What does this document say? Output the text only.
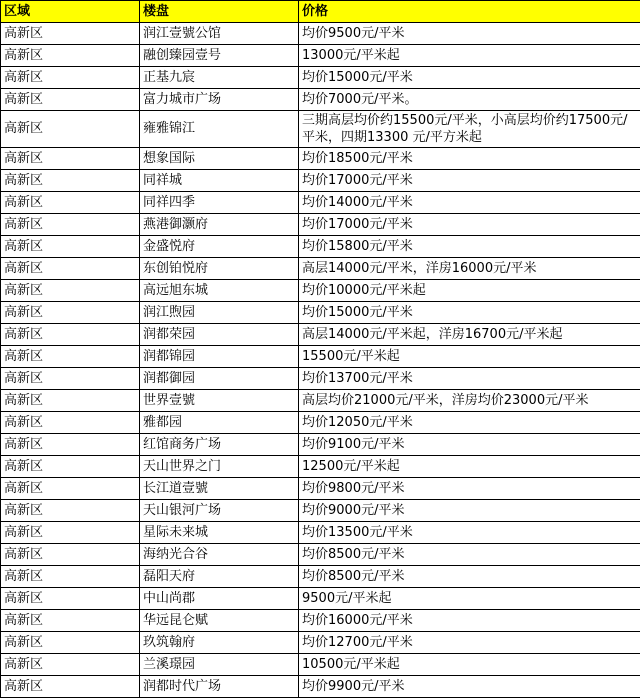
区域	楼盘	价格
高新区	润江壹號公馆	均价9500元/平米
高新区	融创臻园壹号	13000元/平米起
高新区	正基九宸	均价15000元/平米
高新区	富力城市广场	均价7000元/平米。
高新区	雍雅锦江	三期高层均价约15500元/平米，小高层均价约17500元/平米，四期13300 元/平方米起
高新区	想象国际	均价18500元/平米
高新区	同祥城	均价17000元/平米
高新区	同祥四季	均价14000元/平米
高新区	燕港御灏府	均价17000元/平米
高新区	金盛悦府	均价15800元/平米
高新区	东创铂悦府	高层14000元/平米，洋房16000元/平米
高新区	高远旭东城	均价10000元/平米起
高新区	润江煦园	均价15000元/平米
高新区	润都荣园	高层14000元/平米起，洋房16700元/平米起
高新区	润都锦园	15500元/平米起
高新区	润都御园	均价13700元/平米
高新区	世界壹號	高层均价21000元/平米，洋房均价23000元/平米
高新区	雅都园	均价12050元/平米
高新区	红馆商务广场	均价9100元/平米
高新区	天山世界之门	12500元/平米起
高新区	长江道壹號	均价9800元/平米
高新区	天山银河广场	均价9000元/平米
高新区	星际未来城	均价13500元/平米
高新区	海纳光合谷	均价8500元/平米
高新区	磊阳天府	均价8500元/平米
高新区	中山尚郡	9500元/平米起
高新区	华远昆仑赋	均价16000元/平米
高新区	玖筑翰府	均价12700元/平米
高新区	兰溪璟园	10500元/平米起
高新区	润都时代广场	均价9900元/平米
